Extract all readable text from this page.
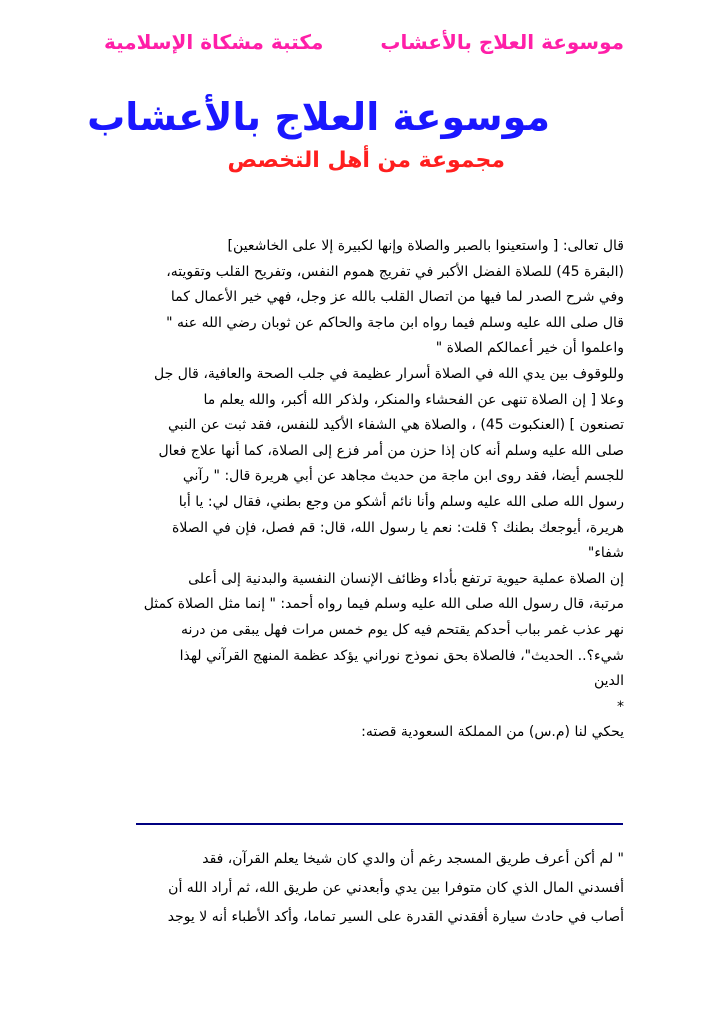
موسوعة العلاج بالأعشاب
مكتبة مشكاة الإسلامية
موسوعة العلاج بالأعشاب
مجموعة من أهل التخصص
قال تعالى: [ واستعينوا بالصبر والصلاة وإنها لكبيرة إلا على الخاشعين]
(البقرة 45) للصلاة الفضل الأكبر في تفريج هموم النفس، وتفريح القلب وتقويته،
وفي شرح الصدر لما فيها من اتصال القلب بالله عز وجل، فهي خير الأعمال كما
قال صلى الله عليه وسلم فيما رواه ابن ماجة والحاكم عن ثوبان رضي الله عنه "
واعلموا أن خير أعمالكم الصلاة "
وللوقوف بين يدي الله في الصلاة أسرار عظيمة في جلب الصحة والعافية، قال جل
وعلا [ إن الصلاة تنهى عن الفحشاء والمنكر، ولذكر الله أكبر، والله يعلم ما
تصنعون ] (العنكبوت 45) ، والصلاة هي الشفاء الأكيد للنفس، فقد ثبت عن النبي
صلى الله عليه وسلم أنه كان إذا حزن من أمر فزع إلى الصلاة، كما أنها علاج فعال
للجسم أيضا، فقد روى ابن ماجة من حديث مجاهد عن أبي هريرة قال: " رآني
رسول الله صلى الله عليه وسلم وأنا نائم أشكو من وجع بطني، فقال لي: يا أبا
هريرة، أيوجعك بطنك ؟ قلت: نعم يا رسول الله، قال: قم فصل، فإن في الصلاة
شفاء"
إن الصلاة عملية حيوية ترتفع بأداء وظائف الإنسان النفسية والبدنية إلى أعلى
مرتبة، قال رسول الله صلى الله عليه وسلم فيما رواه أحمد: " إنما مثل الصلاة كمثل
نهر عذب غمر بباب أحدكم يقتحم فيه كل يوم خمس مرات فهل يبقى من درنه
شيء؟.. الحديث"، فالصلاة بحق نموذج نوراني يؤكد عظمة المنهج القرآني لهذا
الدين
*
يحكي لنا (م.س) من المملكة السعودية قصته:
" لم أكن أعرف طريق المسجد رغم أن والدي كان شيخا يعلم القرآن، فقد
أفسدني المال الذي كان متوفرا بين يدي وأبعدني عن طريق الله، ثم أراد الله أن
أصاب في حادث سيارة أفقدني القدرة على السير تماما، وأكد الأطباء أنه لا يوجد
